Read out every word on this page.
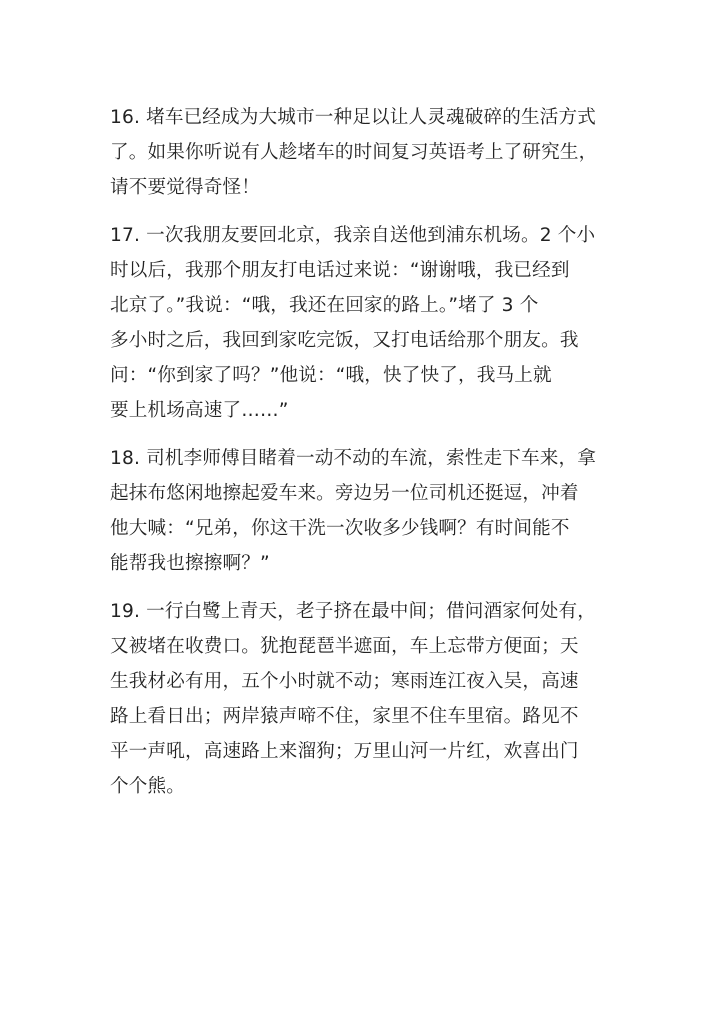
16. 堵车已经成为大城市一种足以让人灵魂破碎的生活方式
了。如果你听说有人趁堵车的时间复习英语考上了研究生，
请不要觉得奇怪！

17. 一次我朋友要回北京，我亲自送他到浦东机场。2 个小
时以后，我那个朋友打电话过来说：“谢谢哦，我已经到
北京了。”我说：“哦，我还在回家的路上。”堵了 3 个
多小时之后，我回到家吃完饭，又打电话给那个朋友。我
问：“你到家了吗？”他说：“哦，快了快了，我马上就
要上机场高速了……”

18. 司机李师傅目睹着一动不动的车流，索性走下车来，拿
起抹布悠闲地擦起爱车来。旁边另一位司机还挺逗，冲着
他大喊：“兄弟，你这干洗一次收多少钱啊？有时间能不
能帮我也擦擦啊？”

19. 一行白鹭上青天，老子挤在最中间；借问酒家何处有，
又被堵在收费口。犹抱琵琶半遮面，车上忘带方便面；天
生我材必有用，五个小时就不动；寒雨连江夜入吴，高速
路上看日出；两岸猿声啼不住，家里不住车里宿。路见不
平一声吼，高速路上来溜狗；万里山河一片红，欢喜出门
个个熊。
